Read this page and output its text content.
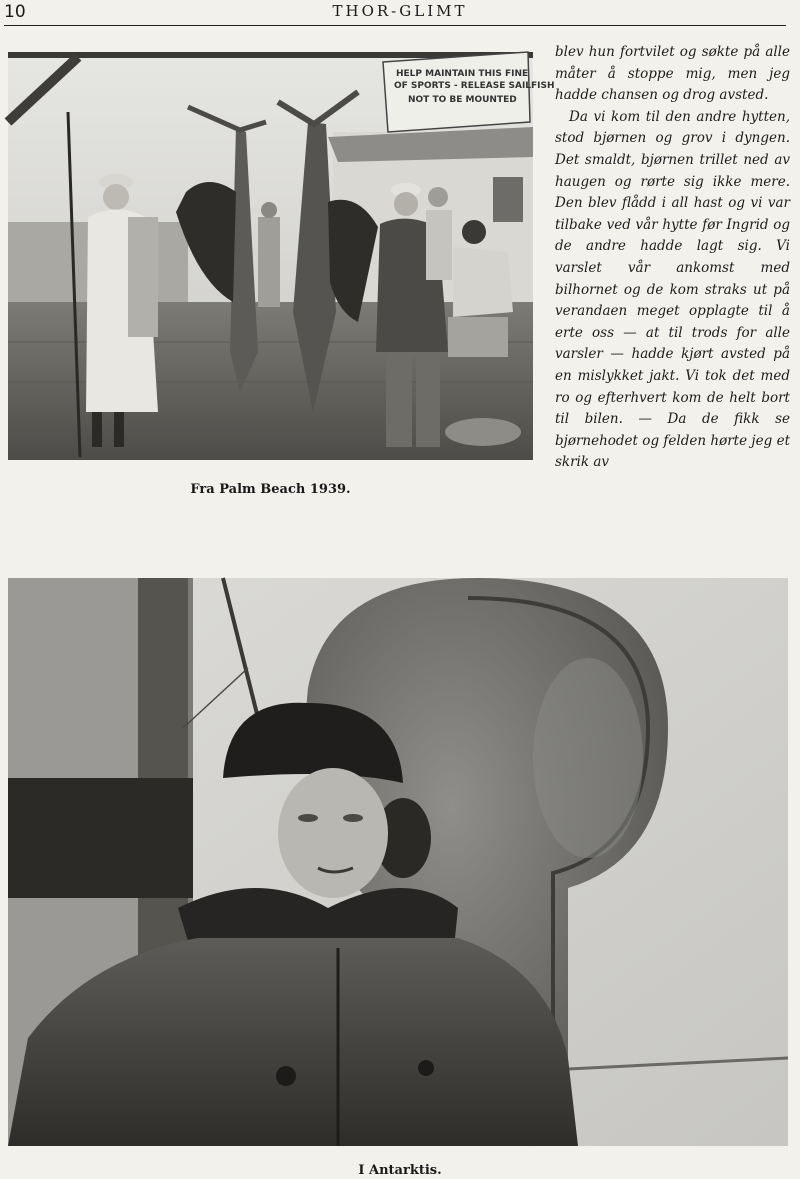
10	THOR-GLIMT
HELP MAINTAIN THIS FINE
OF SPORTS - RELEASE SAILFISH
NOT TO BE MOUNTED
Fra Palm Beach 1939.

blev hun fortvilet og søkte på alle måter å stoppe mig, men jeg hadde chansen og drog avsted.

Da vi kom til den andre hytten, stod bjørnen og grov i dyngen. Det smaldt, bjørnen trillet ned av haugen og rørte sig ikke mere. Den blev flådd i all hast og vi var tilbake ved vår hytte før Ingrid og de andre hadde lagt sig. Vi varslet vår ankomst med bilhornet og de kom straks ut på verandaen meget opplagte til å erte oss — at til trods for alle varsler — hadde kjørt avsted på en mislykket jakt. Vi tok det med ro og efterhvert kom de helt bort til bilen. — Da de fikk se bjørnehodet og felden hørte jeg et skrik av

I Antarktis.
